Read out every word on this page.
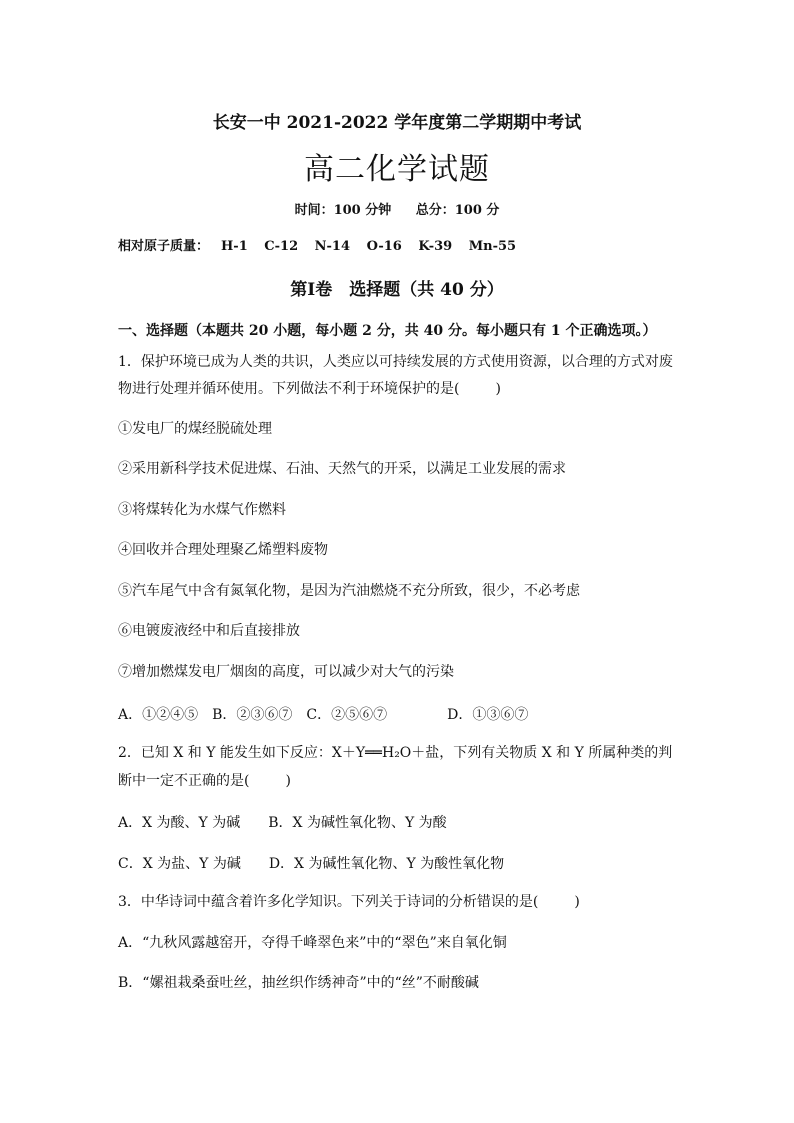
长安一中 2021-2022 学年度第二学期期中考试
高二化学试题
时间：100 分钟 总分：100 分
相对原子质量： H-1 C-12 N-14 O-16 K-39 Mn-55
第Ⅰ卷　选择题（共 40 分）
一、选择题（本题共 20 小题，每小题 2 分，共 40 分。每小题只有 1 个正确选项。）
1．保护环境已成为人类的共识，人类应以可持续发展的方式使用资源，以合理的方式对废
物进行处理并循环使用。下列做法不利于环境保护的是(	)
①发电厂的煤经脱硫处理
②采用新科学技术促进煤、石油、天然气的开采，以满足工业发展的需求
③将煤转化为水煤气作燃料
④回收并合理处理聚乙烯塑料废物
⑤汽车尾气中含有氮氧化物，是因为汽油燃烧不充分所致，很少，不必考虑
⑥电镀废液经中和后直接排放
⑦增加燃煤发电厂烟囱的高度，可以减少对大气的污染
A．①②④⑤ B．②③⑥⑦ C．②⑤⑥⑦	D．①③⑥⑦
2．已知 X 和 Y 能发生如下反应：X＋Y══H₂O＋盐，下列有关物质 X 和 Y 所属种类的判
断中一定不正确的是(	)
A．X 为酸、Y 为碱 B．X 为碱性氧化物、Y 为酸
C．X 为盐、Y 为碱 D．X 为碱性氧化物、Y 为酸性氧化物
3．中华诗词中蕴含着许多化学知识。下列关于诗词的分析错误的是(	)
A．“九秋风露越窑开，夺得千峰翠色来”中的“翠色”来自氧化铜
B．“嫘祖栽桑蚕吐丝，抽丝织作绣神奇”中的“丝”不耐酸碱
